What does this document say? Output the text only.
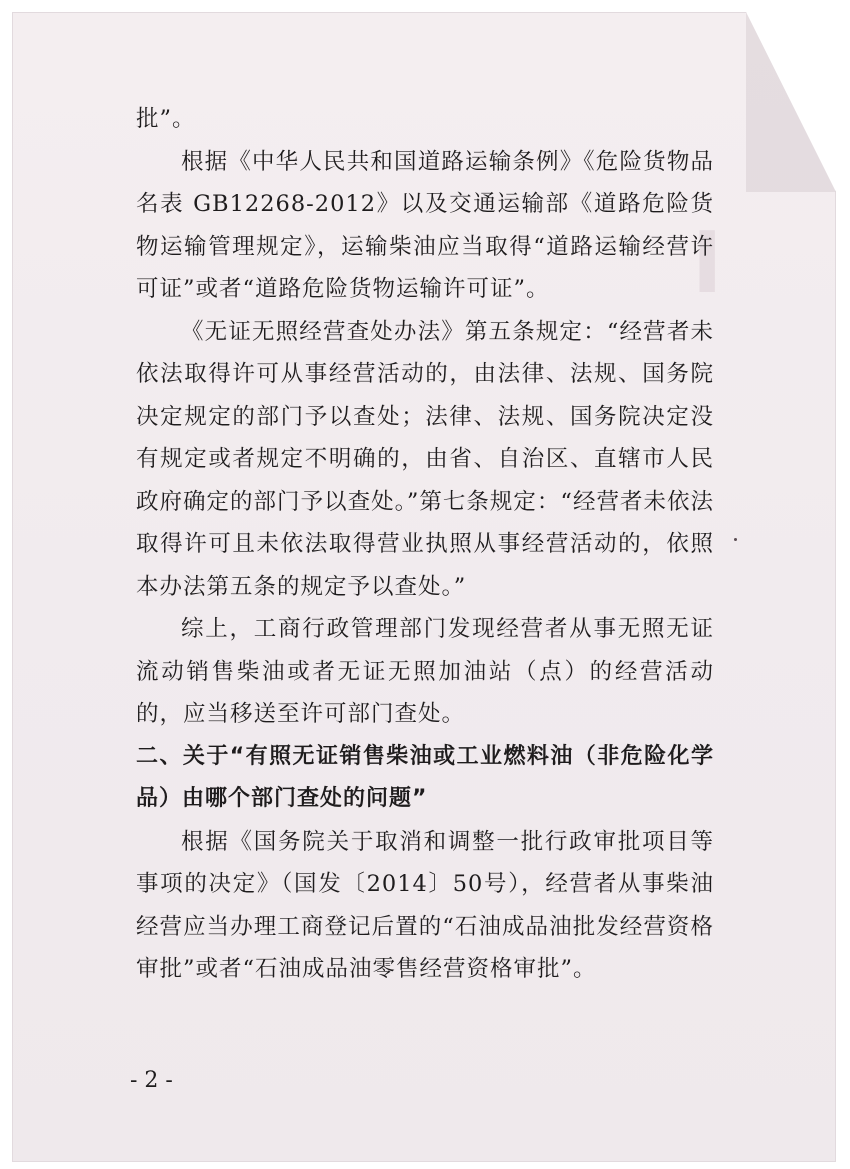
▍

批”。

根据《中华人民共和国道路运输条例》《危险货物品名表 GB12268-2012》以及交通运输部《道路危险货物运输管理规定》，运输柴油应当取得“道路运输经营许可证”或者“道路危险货物运输许可证”。

《无证无照经营查处办法》第五条规定：“经营者未依法取得许可从事经营活动的，由法律、法规、国务院决定规定的部门予以查处；法律、法规、国务院决定没有规定或者规定不明确的，由省、自治区、直辖市人民政府确定的部门予以查处。”第七条规定：“经营者未依法取得许可且未依法取得营业执照从事经营活动的，依照本办法第五条的规定予以查处。”

综上，工商行政管理部门发现经营者从事无照无证流动销售柴油或者无证无照加油站（点）的经营活动的，应当移送至许可部门查处。

二、关于“有照无证销售柴油或工业燃料油（非危险化学品）由哪个部门查处的问题”

根据《国务院关于取消和调整一批行政审批项目等事项的决定》（国发〔2014〕50号），经营者从事柴油经营应当办理工商登记后置的“石油成品油批发经营资格审批”或者“石油成品油零售经营资格审批”。

- 2 -
